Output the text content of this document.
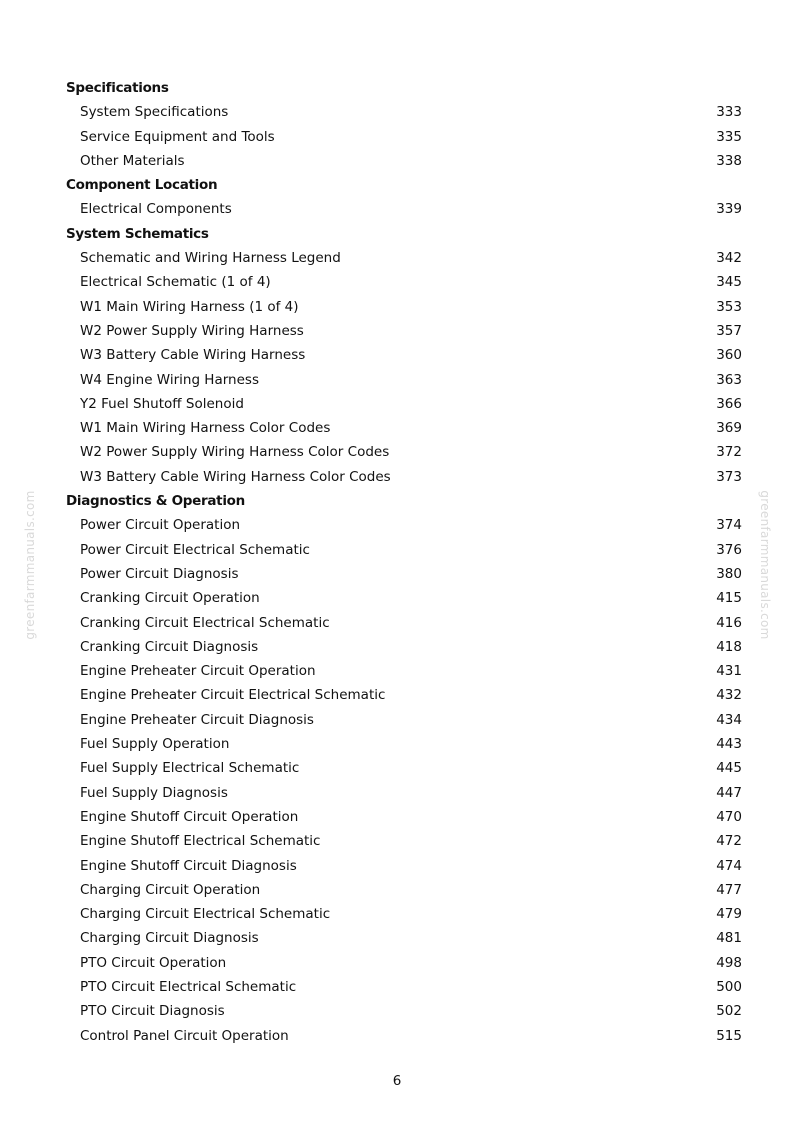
greenfarmmanuals.com	greenfarmmanuals.com
Specifications
System Specifications	333
Service Equipment and Tools	335
Other Materials	338
Component Location
Electrical Components	339
System Schematics
Schematic and Wiring Harness Legend	342
Electrical Schematic (1 of 4)	345
W1 Main Wiring Harness (1 of 4)	353
W2 Power Supply Wiring Harness	357
W3 Battery Cable Wiring Harness	360
W4 Engine Wiring Harness	363
Y2 Fuel Shutoff Solenoid	366
W1 Main Wiring Harness Color Codes	369
W2 Power Supply Wiring Harness Color Codes	372
W3 Battery Cable Wiring Harness Color Codes	373
Diagnostics & Operation
Power Circuit Operation	374
Power Circuit Electrical Schematic	376
Power Circuit Diagnosis	380
Cranking Circuit Operation	415
Cranking Circuit Electrical Schematic	416
Cranking Circuit Diagnosis	418
Engine Preheater Circuit Operation	431
Engine Preheater Circuit Electrical Schematic	432
Engine Preheater Circuit Diagnosis	434
Fuel Supply Operation	443
Fuel Supply Electrical Schematic	445
Fuel Supply Diagnosis	447
Engine Shutoff Circuit Operation	470
Engine Shutoff Electrical Schematic	472
Engine Shutoff Circuit Diagnosis	474
Charging Circuit Operation	477
Charging Circuit Electrical Schematic	479
Charging Circuit Diagnosis	481
PTO Circuit Operation	498
PTO Circuit Electrical Schematic	500
PTO Circuit Diagnosis	502
Control Panel Circuit Operation	515
6
